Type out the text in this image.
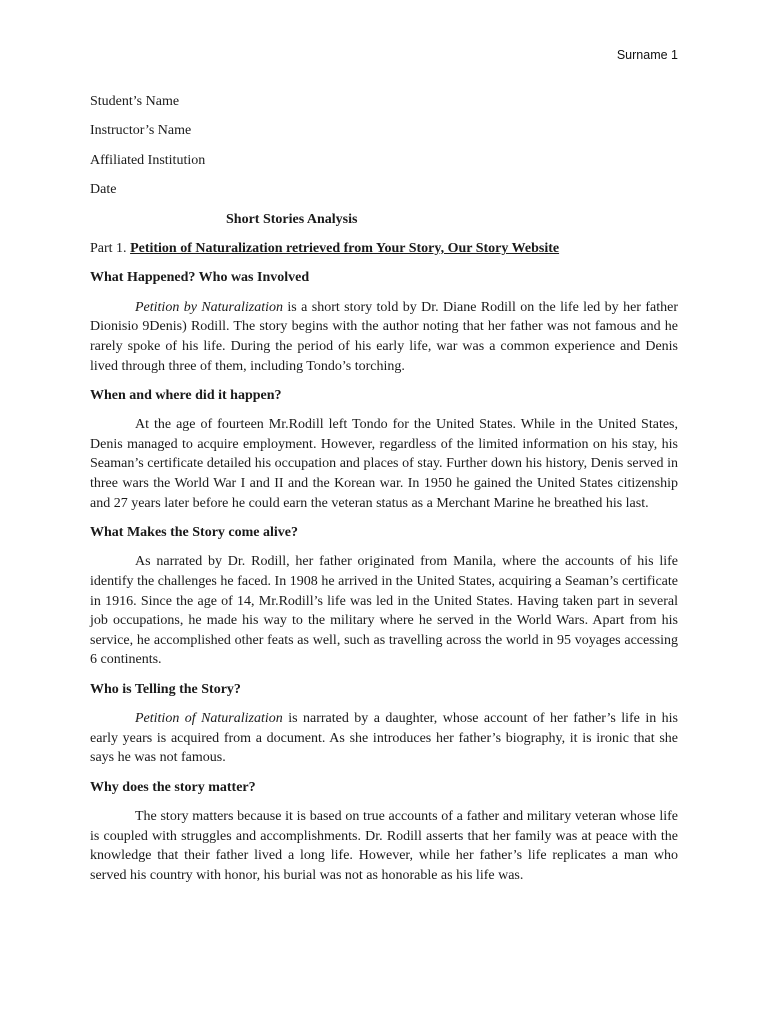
Surname 1
Student’s Name
Instructor’s Name
Affiliated Institution
Date
Short Stories Analysis
Part 1. Petition of Naturalization retrieved from Your Story, Our Story Website
What Happened? Who was Involved
Petition by Naturalization is a short story told by Dr. Diane Rodill on the life led by her father Dionisio 9Denis) Rodill. The story begins with the author noting that her father was not famous and he rarely spoke of his life. During the period of his early life, war was a common experience and Denis lived through three of them, including Tondo’s torching.
When and where did it happen?
At the age of fourteen Mr.Rodill left Tondo for the United States. While in the United States, Denis managed to acquire employment. However, regardless of the limited information on his stay, his Seaman’s certificate detailed his occupation and places of stay. Further down his history, Denis served in three wars the World War I and II and the Korean war. In 1950 he gained the United States citizenship and 27 years later before he could earn the veteran status as a Merchant Marine he breathed his last.
What Makes the Story come alive?
As narrated by Dr. Rodill, her father originated from Manila, where the accounts of his life identify the challenges he faced. In 1908 he arrived in the United States, acquiring a Seaman’s certificate in 1916. Since the age of 14, Mr.Rodill’s life was led in the United States. Having taken part in several job occupations, he made his way to the military where he served in the World Wars. Apart from his service, he accomplished other feats as well, such as travelling across the world in 95 voyages accessing 6 continents.
Who is Telling the Story?
Petition of Naturalization is narrated by a daughter, whose account of her father’s life in his early years is acquired from a document. As she introduces her father’s biography, it is ironic that she says he was not famous.
Why does the story matter?
The story matters because it is based on true accounts of a father and military veteran whose life is coupled with struggles and accomplishments. Dr. Rodill asserts that her family was at peace with the knowledge that their father lived a long life. However, while her father’s life replicates a man who served his country with honor, his burial was not as honorable as his life was.
